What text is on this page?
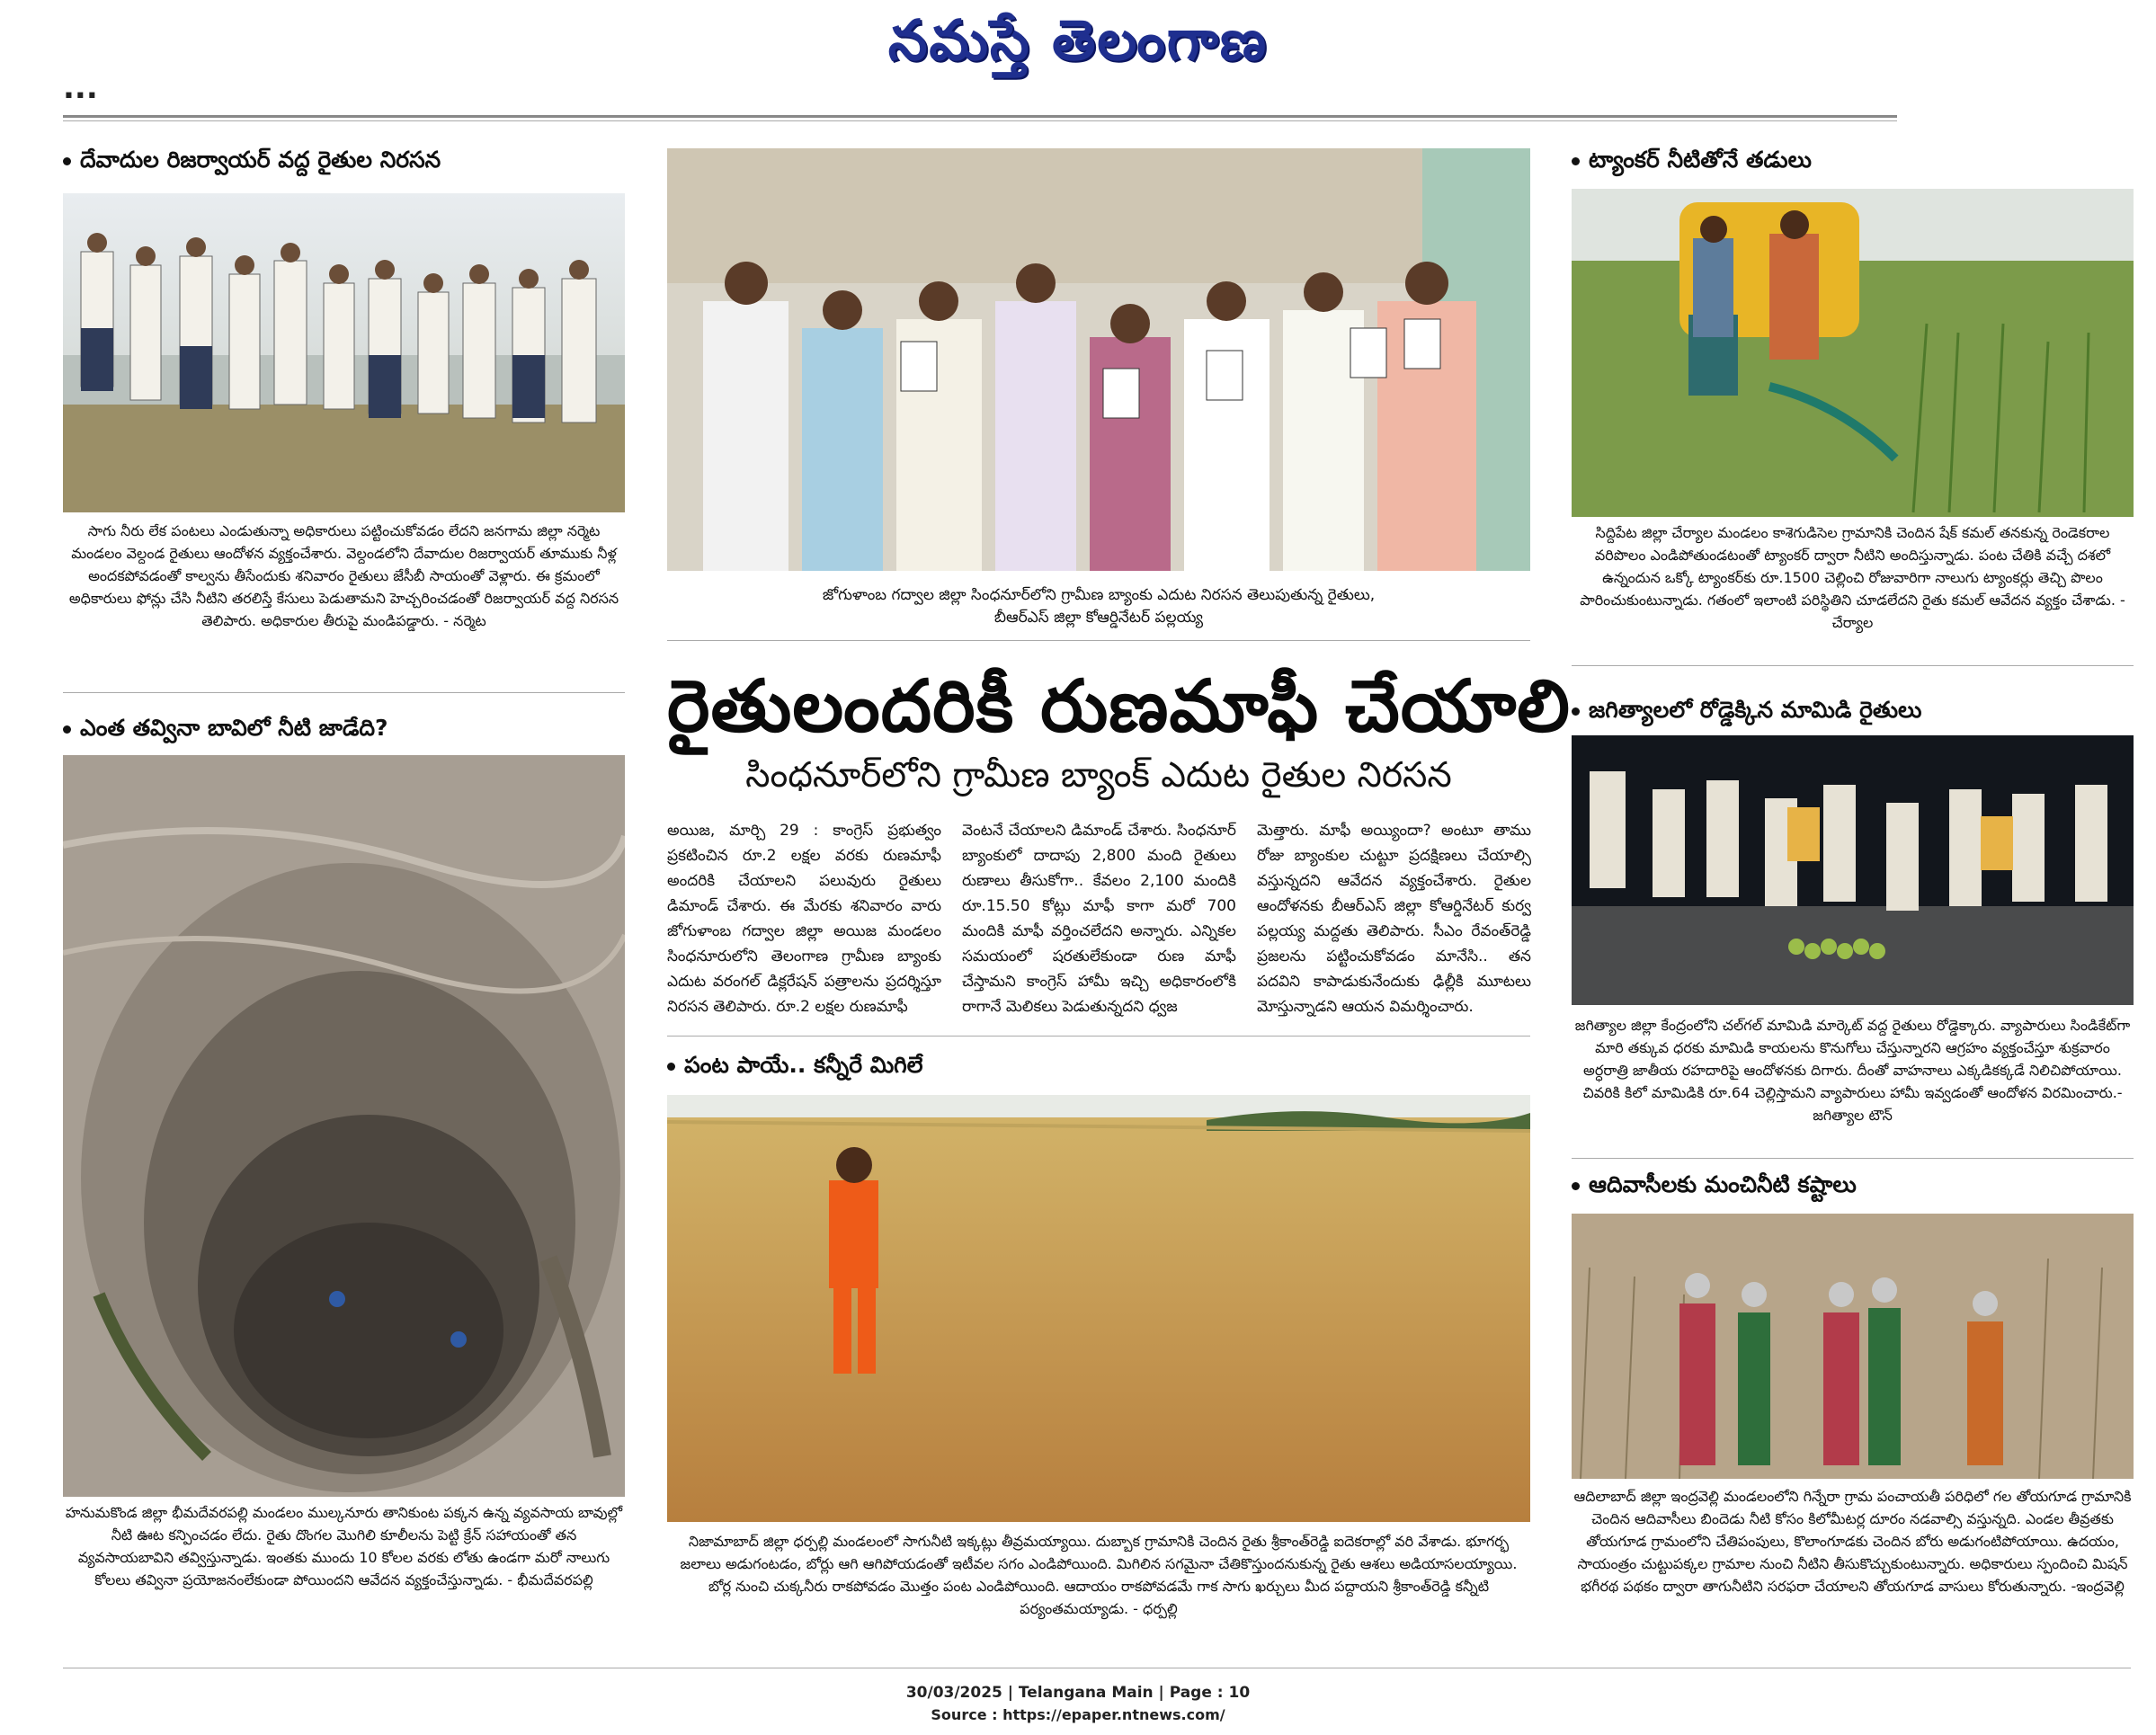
నమస్తే తెలంగాణ
...
దేవాదుల రిజర్వాయర్ వద్ద రైతుల నిరసన
సాగు నీరు లేక పంటలు ఎండుతున్నా అధికారులు పట్టించుకోవడం లేదని జనగామ జిల్లా నర్మెట మండలం వెల్దండ రైతులు ఆందోళన వ్యక్తంచేశారు. వెల్దండలోని దేవాదుల రిజర్వాయర్ తూముకు నీళ్ల అందకపోవడంతో కాల్వను తీసేందుకు శనివారం రైతులు జేసీబీ సాయంతో వెళ్లారు. ఈ క్రమంలో అధికారులు ఫోన్లు చేసి నీటిని తరలిస్తే కేసులు పెడుతామని హెచ్చరించడంతో రిజర్వాయర్ వద్ద నిరసన తెలిపారు. అధికారుల తీరుపై మండిపడ్డారు. - నర్మెట
ఎంత తవ్వినా బావిలో నీటి జాడేది?
హనుమకొండ జిల్లా భీమదేవరపల్లి మండలం ముల్కనూరు తానికుంట పక్కన ఉన్న వ్యవసాయ బావుల్లో నీటి ఊట కన్పించడం లేదు. రైతు దొంగల మొగిలి కూలీలను పెట్టి క్రేన్ సహాయంతో తన వ్యవసాయబావిని తవ్విస్తున్నాడు. ఇంతకు ముందు 10 కోలల వరకు లోతు ఉండగా మరో నాలుగు కోలలు తవ్వినా ప్రయోజనంలేకుండా పోయిందని ఆవేదన వ్యక్తంచేస్తున్నాడు. - భీమదేవరపల్లి
జోగుళాంబ గద్వాల జిల్లా సింధనూర్‌లోని గ్రామీణ బ్యాంకు ఎదుట నిరసన తెలుపుతున్న రైతులు,
బీఆర్ఎస్ జిల్లా కోఆర్డినేటర్ పల్లయ్య
రైతులందరికీ రుణమాఫీ చేయాలి
సింధనూర్‌లోని గ్రామీణ బ్యాంక్ ఎదుట రైతుల నిరసన
అయిజ, మార్చి 29 : కాంగ్రెస్ ప్రభుత్వం ప్రకటించిన రూ.2 లక్షల వరకు రుణమాఫీ అందరికి చేయాలని పలువురు రైతులు డిమాండ్ చేశారు. ఈ మేరకు శనివారం వారు జోగుళాంబ గద్వాల జిల్లా అయిజ మండలం సింధనూరులోని తెలంగాణ గ్రామీణ బ్యాంకు ఎదుట వరంగల్ డిక్లరేషన్ పత్రాలను ప్రదర్శిస్తూ నిరసన తెలిపారు. రూ.2 లక్షల రుణమాఫీ
వెంటనే చేయాలని డిమాండ్ చేశారు. సింధనూర్ బ్యాంకులో దాదాపు 2,800 మంది రైతులు రుణాలు తీసుకోగా.. కేవలం 2,100 మందికి రూ.15.50 కోట్లు మాఫీ కాగా మరో 700 మందికి మాఫీ వర్తించలేదని అన్నారు. ఎన్నికల సమయంలో షరతులేకుండా రుణ మాఫీ చేస్తామని కాంగ్రెస్ హామీ ఇచ్చి అధికారంలోకి రాగానే మెలికలు పెడుతున్నదని ధ్వజ
మెత్తారు. మాఫీ అయ్యిందా? అంటూ తాము రోజు బ్యాంకుల చుట్టూ ప్రదక్షిణలు చేయాల్సి వస్తున్నదని ఆవేదన వ్యక్తంచేశారు. రైతుల ఆందోళనకు బీఆర్ఎస్ జిల్లా కోఆర్డినేటర్ కుర్వ పల్లయ్య మద్దతు తెలిపారు. సీఎం రేవంత్‌రెడ్డి ప్రజలను పట్టించుకోవడం మానేసి.. తన పదవిని కాపాడుకునేందుకు ఢిల్లీకి మూటలు మోస్తున్నాడని ఆయన విమర్శించారు.
పంట పాయే.. కన్నీరే మిగిలే
నిజామాబాద్ జిల్లా ధర్పల్లి మండలంలో సాగునీటి ఇక్కట్లు తీవ్రమయ్యాయి. దుబ్బాక గ్రామానికి చెందిన రైతు శ్రీకాంత్‌రెడ్డి ఐదెకరాల్లో వరి వేశాడు. భూగర్భ జలాలు అడుగంటడం, బోర్లు ఆగి ఆగిపోయడంతో ఇటీవల సగం ఎండిపోయింది. మిగిలిన సగమైనా చేతికొస్తుందనుకున్న రైతు ఆశలు అడియాసలయ్యాయి. బోర్ల నుంచి చుక్కనీరు రాకపోవడం మొత్తం పంట ఎండిపోయింది. ఆదాయం రాకపోవడమే గాక సాగు ఖర్చులు మీద పద్దాయని శ్రీకాంత్‌రెడ్డి కన్నీటి పర్యంతమయ్యాడు. - ధర్పల్లి
ట్యాంకర్ నీటితోనే తడులు
సిద్దిపేట జిల్లా చేర్యాల మండలం కాశెగుడిసెల గ్రామానికి చెందిన షేక్ కమల్ తనకున్న రెండెకరాల వరిపొలం ఎండిపోతుండటంతో ట్యాంకర్ ద్వారా నీటిని అందిస్తున్నాడు. పంట చేతికి వచ్చే దశలో ఉన్నందున ఒక్కో ట్యాంకర్‌కు రూ.1500 చెల్లించి రోజువారిగా నాలుగు ట్యాంకర్లు తెచ్చి పొలం పారించుకుంటున్నాడు. గతంలో ఇలాంటి పరిస్థితిని చూడలేదని రైతు కమల్ ఆవేదన వ్యక్తం చేశాడు. - చేర్యాల
జగిత్యాలలో రోడ్డెక్కిన మామిడి రైతులు
జగిత్యాల జిల్లా కేంద్రంలోని చల్‌గల్ మామిడి మార్కెట్ వద్ద రైతులు రోడ్డెక్కారు. వ్యాపారులు సిండికేట్‌గా మారి తక్కువ ధరకు మామిడి కాయలను కొనుగోలు చేస్తున్నారని ఆగ్రహం వ్యక్తంచేస్తూ శుక్రవారం అర్ధరాత్రి జాతీయ రహదారిపై ఆందోళనకు దిగారు. దీంతో వాహనాలు ఎక్కడికక్కడే నిలిచిపోయాయి. చివరికి కిలో మామిడికి రూ.64 చెల్లిస్తామని వ్యాపారులు హామీ ఇవ్వడంతో ఆందోళన విరమించారు.- జగిత్యాల టౌన్
ఆదివాసీలకు మంచినీటి కష్టాలు
ఆదిలాబాద్ జిల్లా ఇంద్రవెల్లి మండలంలోని గిన్నేరా గ్రామ పంచాయతీ పరిధిలో గల తోయగూడ గ్రామానికి చెందిన ఆదివాసీలు బిందెడు నీటి కోసం కిలోమీటర్ల దూరం నడవాల్సి వస్తున్నది. ఎండల తీవ్రతకు తోయగూడ గ్రామంలోని చేతిపంపులు, కొలాంగూడకు చెందిన బోరు అడుగంటిపోయాయి. ఉదయం, సాయంత్రం చుట్టుపక్కల గ్రామాల నుంచి నీటిని తీసుకొచ్చుకుంటున్నారు. అధికారులు స్పందించి మిషన్ భగీరథ పథకం ద్వారా తాగునీటిని సరఫరా చేయాలని తోయగూడ వాసులు కోరుతున్నారు. -ఇంద్రవెల్లి
30/03/2025 | Telangana Main | Page : 10
Source : https://epaper.ntnews.com/
